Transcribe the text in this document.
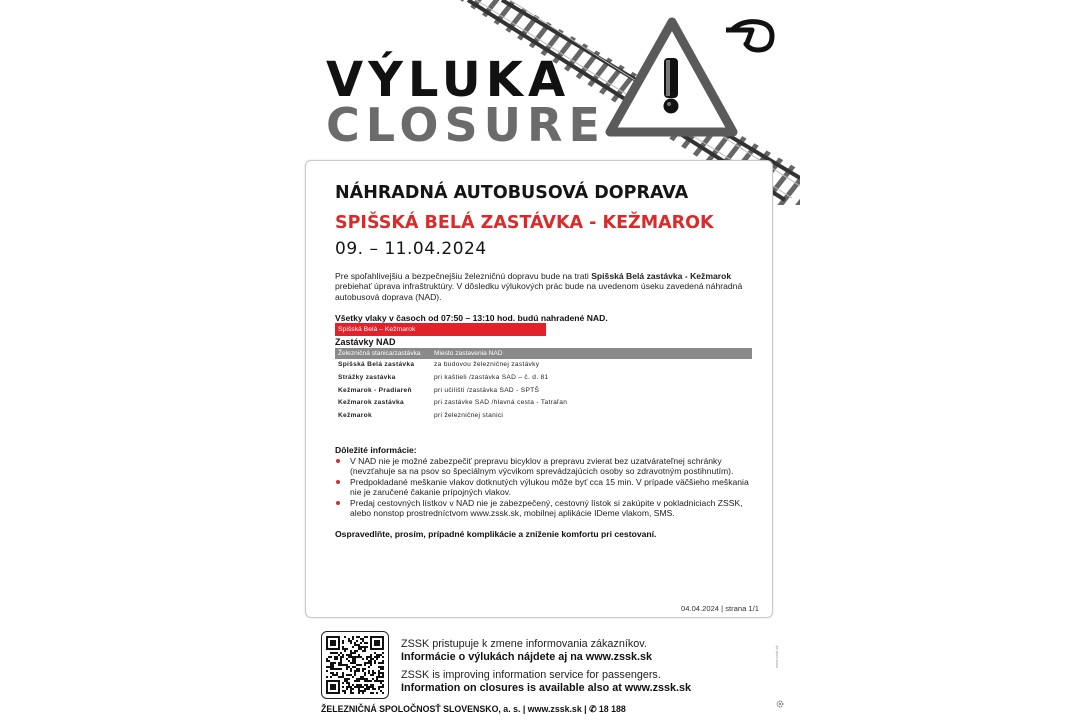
VÝLUKA
CLOSURE
NÁHRADNÁ AUTOBUSOVÁ DOPRAVA
SPIŠSKÁ BELÁ ZASTÁVKA - KEŽMAROK
09. – 11.04.2024
Pre spoľahlivejšiu a bezpečnejšiu železničnú dopravu bude na trati Spišská Belá zastávka - Kežmarok prebiehať úprava infraštruktúry. V dôsledku výlukových prác bude na uvedenom úseku zavedená náhradná autobusová doprava (NAD).
Všetky vlaky v časoch od 07:50 – 13:10 hod. budú nahradené NAD.
Spišská Belá – Kežmarok
Zastávky NAD
Železničná stanica/zastávka	Miesto zastavenia NAD
Spišská Belá zastávka	za budovou železničnej zastávky
Strážky zastávka	pri kaštieli /zastávka SAD – č. d. 81
Kežmarok - Pradiareň	pri učilišti /zastávka SAD - SPTŠ
Kežmarok zastávka	pri zastávke SAD /hlavná cesta - Tatraľan
Kežmarok	pri železničnej stanici
Dôležité informácie:
V NAD nie je možné zabezpečiť prepravu bicyklov a prepravu zvierat bez uzatvárateľnej schránky (nevzťahuje sa na psov so špeciálnym výcvikom sprevádzajúcich osoby so zdravotným postihnutím).
Predpokladané meškanie vlakov dotknutých výlukou môže byť cca 15 min. V prípade väčšieho meškania nie je zaručené čakanie prípojných vlakov.
Predaj cestovných lístkov v NAD nie je zabezpečený, cestovný lístok si zakúpite v pokladniciach ZSSK, alebo nonstop prostredníctvom www.zssk.sk, mobilnej aplikácie IDeme vlakom, SMS.
Ospravedlňte, prosím, prípadné komplikácie a zníženie komfortu pri cestovaní.
04.04.2024 | strana 1/1
ZSSK pristupuje k zmene informovania zákazníkov.
Informácie o výlukách nájdete aj na www.zssk.sk
ZSSK is improving information service for passengers.
Information on closures is available also at www.zssk.sk
ŽELEZNIČNÁ SPOLOČNOSŤ SLOVENSKO, a. s. | www.zssk.sk | ✆ 18 188
www.zssk.sk
